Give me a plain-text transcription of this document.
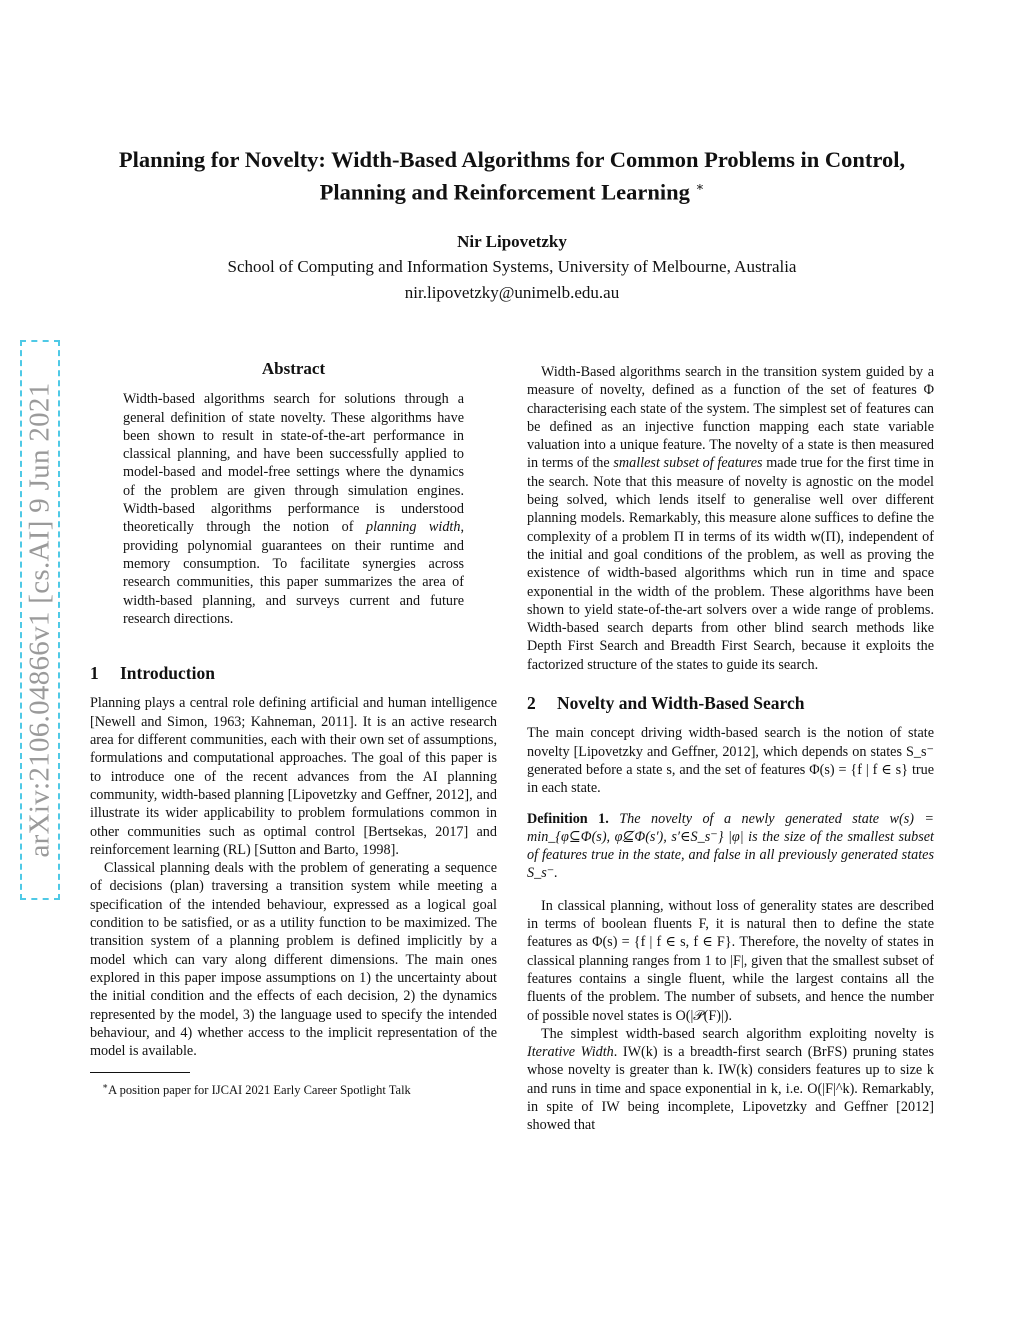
arXiv:2106.04866v1 [cs.AI] 9 Jun 2021
Planning for Novelty: Width-Based Algorithms for Common Problems in Control,
Planning and Reinforcement Learning ∗
Nir Lipovetzky
School of Computing and Information Systems, University of Melbourne, Australia
nir.lipovetzky@unimelb.edu.au
Abstract

Width-based algorithms search for solutions through a general definition of state novelty. These algorithms have been shown to result in state-of-the-art performance in classical planning, and have been successfully applied to model-based and model-free settings where the dynamics of the problem are given through simulation engines. Width-based algorithms performance is understood theoretically through the notion of planning width, providing polynomial guarantees on their runtime and memory consumption. To facilitate synergies across research communities, this paper summarizes the area of width-based planning, and surveys current and future research directions.

1 Introduction

Planning plays a central role defining artificial and human intelligence [Newell and Simon, 1963; Kahneman, 2011]. It is an active research area for different communities, each with their own set of assumptions, formulations and computational approaches. The goal of this paper is to introduce one of the recent advances from the AI planning community, width-based planning [Lipovetzky and Geffner, 2012], and illustrate its wider applicability to problem formulations common in other communities such as optimal control [Bertsekas, 2017] and reinforcement learning (RL) [Sutton and Barto, 1998].

Classical planning deals with the problem of generating a sequence of decisions (plan) traversing a transition system while meeting a specification of the intended behaviour, expressed as a logical goal condition to be satisfied, or as a utility function to be maximized. The transition system of a planning problem is defined implicitly by a model which can vary along different dimensions. The main ones explored in this paper impose assumptions on 1) the uncertainty about the initial condition and the effects of each decision, 2) the dynamics represented by the model, 3) the language used to specify the intended behaviour, and 4) whether access to the implicit representation of the model is available.

∗A position paper for IJCAI 2021 Early Career Spotlight Talk

Width-Based algorithms search in the transition system guided by a measure of novelty, defined as a function of the set of features Φ characterising each state of the system. The simplest set of features can be defined as an injective function mapping each state variable valuation into a unique feature. The novelty of a state is then measured in terms of the smallest subset of features made true for the first time in the search. Note that this measure of novelty is agnostic on the model being solved, which lends itself to generalise well over different planning models. Remarkably, this measure alone suffices to define the complexity of a problem Π in terms of its width w(Π), independent of the initial and goal conditions of the problem, as well as proving the existence of width-based algorithms which run in time and space exponential in the width of the problem. These algorithms have been shown to yield state-of-the-art solvers over a wide range of problems. Width-based search departs from other blind search methods like Depth First Search and Breadth First Search, because it exploits the factorized structure of the states to guide its search.

2 Novelty and Width-Based Search

The main concept driving width-based search is the notion of state novelty [Lipovetzky and Geffner, 2012], which depends on states S_s⁻ generated before a state s, and the set of features Φ(s) = {f | f ∈ s} true in each state.

Definition 1. The novelty of a newly generated state w(s) = min_{φ⊆Φ(s), φ⊈Φ(s′), s′∈S_s⁻} |φ| is the size of the smallest subset of features true in the state, and false in all previously generated states S_s⁻.

In classical planning, without loss of generality states are described in terms of boolean fluents F, it is natural then to define the state features as Φ(s) = {f | f ∈ s, f ∈ F}. Therefore, the novelty of states in classical planning ranges from 1 to |F|, given that the smallest subset of features contains a single fluent, while the largest contains all the fluents of the problem. The number of subsets, and hence the number of possible novel states is O(|𝒫(F)|).

The simplest width-based search algorithm exploiting novelty is Iterative Width. IW(k) is a breadth-first search (BrFS) pruning states whose novelty is greater than k. IW(k) considers features up to size k and runs in time and space exponential in k, i.e. O(|F|^k). Remarkably, in spite of IW being incomplete, Lipovetzky and Geffner [2012] showed that
